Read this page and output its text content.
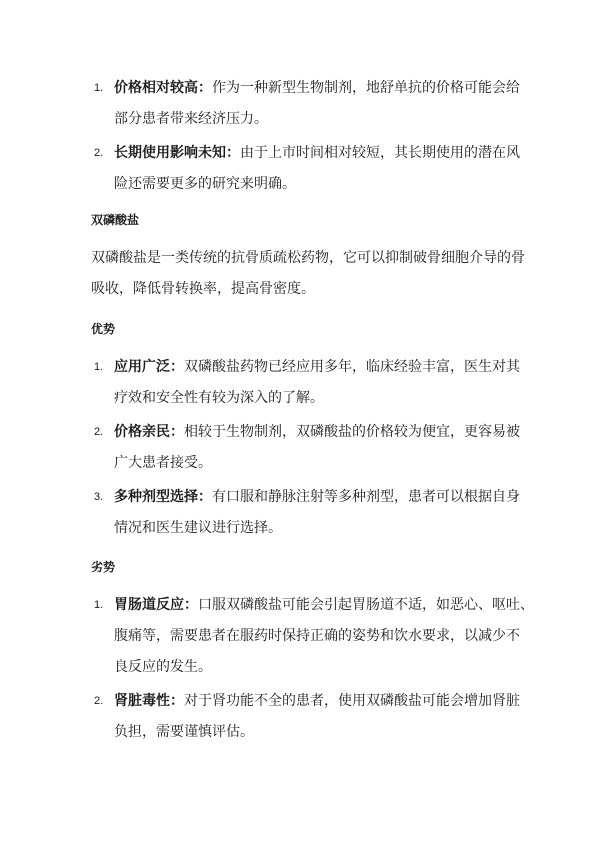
1. 价格相对较高：作为一种新型生物制剂，地舒单抗的价格可能会给
部分患者带来经济压力。
2. 长期使用影响未知：由于上市时间相对较短，其长期使用的潜在风
险还需要更多的研究来明确。
双磷酸盐
双磷酸盐是一类传统的抗骨质疏松药物，它可以抑制破骨细胞介导的骨
吸收，降低骨转换率，提高骨密度。
优势
1. 应用广泛：双磷酸盐药物已经应用多年，临床经验丰富，医生对其
疗效和安全性有较为深入的了解。
2. 价格亲民：相较于生物制剂，双磷酸盐的价格较为便宜，更容易被
广大患者接受。
3. 多种剂型选择：有口服和静脉注射等多种剂型，患者可以根据自身
情况和医生建议进行选择。
劣势
1. 胃肠道反应：口服双磷酸盐可能会引起胃肠道不适，如恶心、呕吐、
腹痛等，需要患者在服药时保持正确的姿势和饮水要求，以减少不
良反应的发生。
2. 肾脏毒性：对于肾功能不全的患者，使用双磷酸盐可能会增加肾脏
负担，需要谨慎评估。
